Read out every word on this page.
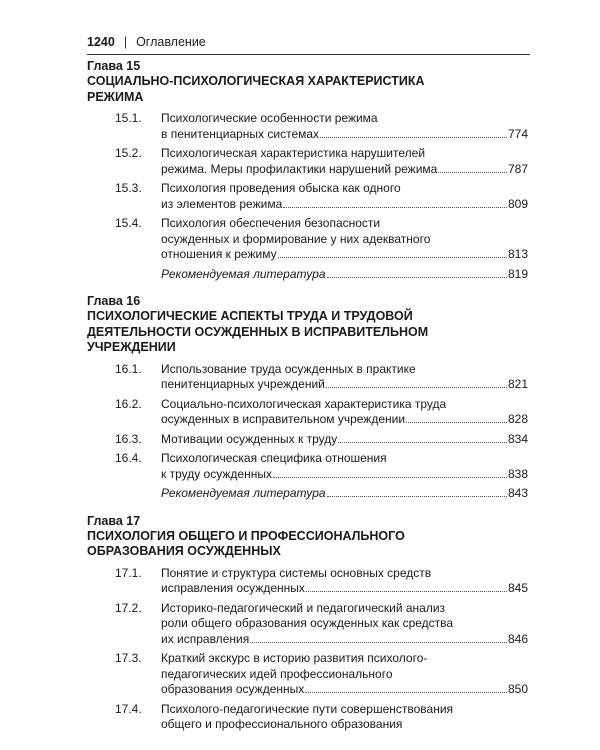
1240 | Оглавление
Глава 15
СОЦИАЛЬНО-ПСИХОЛОГИЧЕСКАЯ ХАРАКТЕРИСТИКА
РЕЖИМА
15.1.	Психологические особенности режима
в пенитенциарных системах	774
15.2.	Психологическая характеристика нарушителей
режима. Меры профилактики нарушений режима	787
15.3.	Психология проведения обыска как одного
из элементов режима	809
15.4.	Психология обеспечения безопасности
осужденных и формирование у них адекватного
отношения к режиму	813
Рекомендуемая литература	819
Глава 16
ПСИХОЛОГИЧЕСКИЕ АСПЕКТЫ ТРУДА И ТРУДОВОЙ
ДЕЯТЕЛЬНОСТИ ОСУЖДЕННЫХ В ИСПРАВИТЕЛЬНОМ
УЧРЕЖДЕНИИ
16.1.	Использование труда осужденных в практике
пенитенциарных учреждений	821
16.2.	Социально-психологическая характеристика труда
осужденных в исправительном учреждении	828
16.3.	Мотивации осужденных к труду	834
16.4.	Психологическая специфика отношения
к труду осужденных	838
Рекомендуемая литература	843
Глава 17
ПСИХОЛОГИЯ ОБЩЕГО И ПРОФЕССИОНАЛЬНОГО
ОБРАЗОВАНИЯ ОСУЖДЕННЫХ
17.1.	Понятие и структура системы основных средств
исправления осужденных	845
17.2.	Историко-педагогический и педагогический анализ
роли общего образования осужденных как средства
их исправления	846
17.3.	Краткий экскурс в историю развития психолого-
педагогических идей профессионального
образования осужденных	850
17.4.	Психолого-педагогические пути совершенствования
общего и профессионального образования
